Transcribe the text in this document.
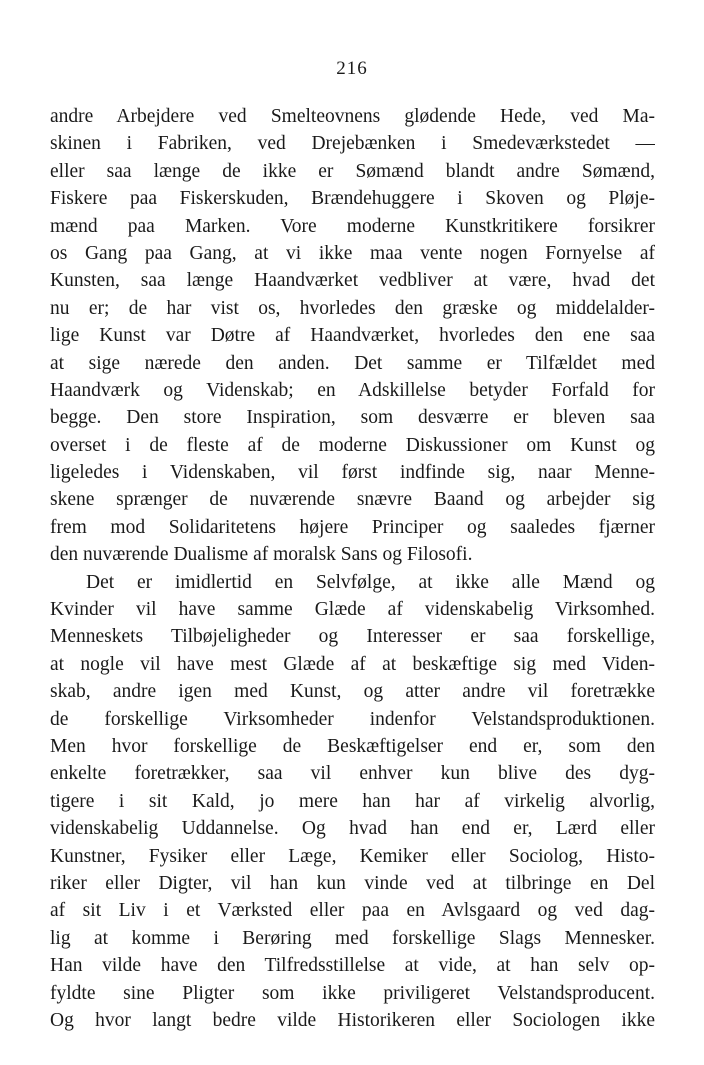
216
andre Arbejdere ved Smelteovnens glødende Hede, ved Ma-
skinen i Fabriken, ved Drejebænken i Smedeværkstedet —
eller saa længe de ikke er Sømænd blandt andre Sømænd,
Fiskere paa Fiskerskuden, Brændehuggere i Skoven og Pløje-
mænd paa Marken. Vore moderne Kunstkritikere forsikrer
os Gang paa Gang, at vi ikke maa vente nogen Fornyelse af
Kunsten, saa længe Haandværket vedbliver at være, hvad det
nu er; de har vist os, hvorledes den græske og middelalder-
lige Kunst var Døtre af Haandværket, hvorledes den ene saa
at sige nærede den anden. Det samme er Tilfældet med
Haandværk og Videnskab; en Adskillelse betyder Forfald for
begge. Den store Inspiration, som desværre er bleven saa
overset i de fleste af de moderne Diskussioner om Kunst og
ligeledes i Videnskaben, vil først indfinde sig, naar Menne-
skene sprænger de nuværende snævre Baand og arbejder sig
frem mod Solidaritetens højere Principer og saaledes fjærner
den nuværende Dualisme af moralsk Sans og Filosofi.
Det er imidlertid en Selvfølge, at ikke alle Mænd og
Kvinder vil have samme Glæde af videnskabelig Virksomhed.
Menneskets Tilbøjeligheder og Interesser er saa forskellige,
at nogle vil have mest Glæde af at beskæftige sig med Viden-
skab, andre igen med Kunst, og atter andre vil foretrække
de forskellige Virksomheder indenfor Velstandsproduktionen.
Men hvor forskellige de Beskæftigelser end er, som den
enkelte foretrækker, saa vil enhver kun blive des dyg-
tigere i sit Kald, jo mere han har af virkelig alvorlig,
videnskabelig Uddannelse. Og hvad han end er, Lærd eller
Kunstner, Fysiker eller Læge, Kemiker eller Sociolog, Histo-
riker eller Digter, vil han kun vinde ved at tilbringe en Del
af sit Liv i et Værksted eller paa en Avlsgaard og ved dag-
lig at komme i Berøring med forskellige Slags Mennesker.
Han vilde have den Tilfredsstillelse at vide, at han selv op-
fyldte sine Pligter som ikke priviligeret Velstandsproducent.
Og hvor langt bedre vilde Historikeren eller Sociologen ikke
